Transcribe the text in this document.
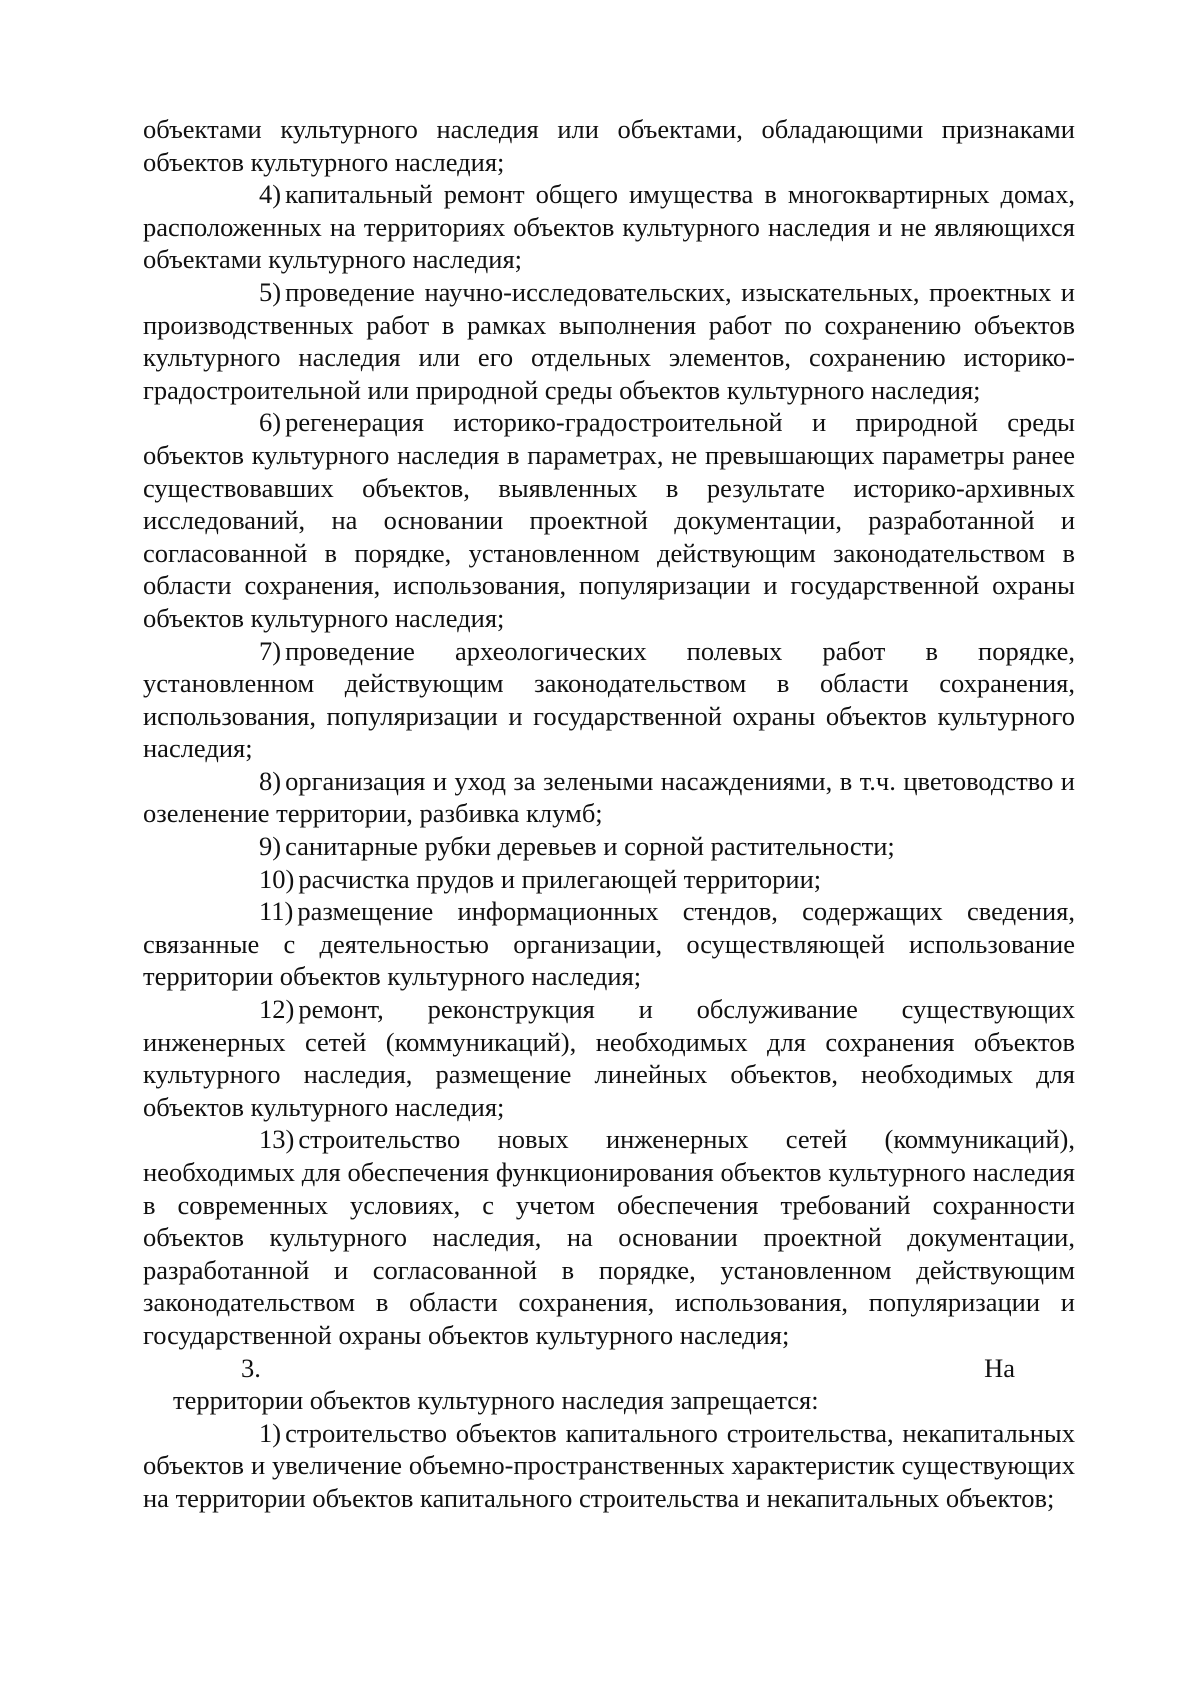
объектами культурного наследия или объектами, обладающими признаками объектов культурного наследия;

4) капитальный ремонт общего имущества в многоквартирных домах, расположенных на территориях объектов культурного наследия и не являющихся объектами культурного наследия;

5) проведение научно-исследовательских, изыскательных, проектных и производственных работ в рамках выполнения работ по сохранению объектов культурного наследия или его отдельных элементов, сохранению историко-градостроительной или природной среды объектов культурного наследия;

6) регенерация историко-градостроительной и природной среды объектов культурного наследия в параметрах, не превышающих параметры ранее существовавших объектов, выявленных в результате историко-архивных исследований, на основании проектной документации, разработанной и согласованной в порядке, установленном действующим законодательством в области сохранения, использования, популяризации и государственной охраны объектов культурного наследия;

7) проведение археологических полевых работ в порядке, установленном действующим законодательством в области сохранения, использования, популяризации и государственной охраны объектов культурного наследия;

8) организация и уход за зелеными насаждениями, в т.ч. цветоводство и озеленение территории, разбивка клумб;

9) санитарные рубки деревьев и сорной растительности;

10) расчистка прудов и прилегающей территории;

11) размещение информационных стендов, содержащих сведения, связанные с деятельностью организации, осуществляющей использование территории объектов культурного наследия;

12) ремонт, реконструкция и обслуживание существующих инженерных сетей (коммуникаций), необходимых для сохранения объектов культурного наследия, размещение линейных объектов, необходимых для объектов культурного наследия;

13) строительство новых инженерных сетей (коммуникаций), необходимых для обеспечения функционирования объектов культурного наследия в современных условиях, с учетом обеспечения требований сохранности объектов культурного наследия, на основании проектной документации, разработанной и согласованной в порядке, установленном действующим законодательством в области сохранения, использования, популяризации и государственной охраны объектов культурного наследия;

3.	На

территории объектов культурного наследия запрещается:

1) строительство объектов капитального строительства, некапитальных объектов и увеличение объемно-пространственных характеристик существующих на территории объектов капитального строительства и некапитальных объектов;
